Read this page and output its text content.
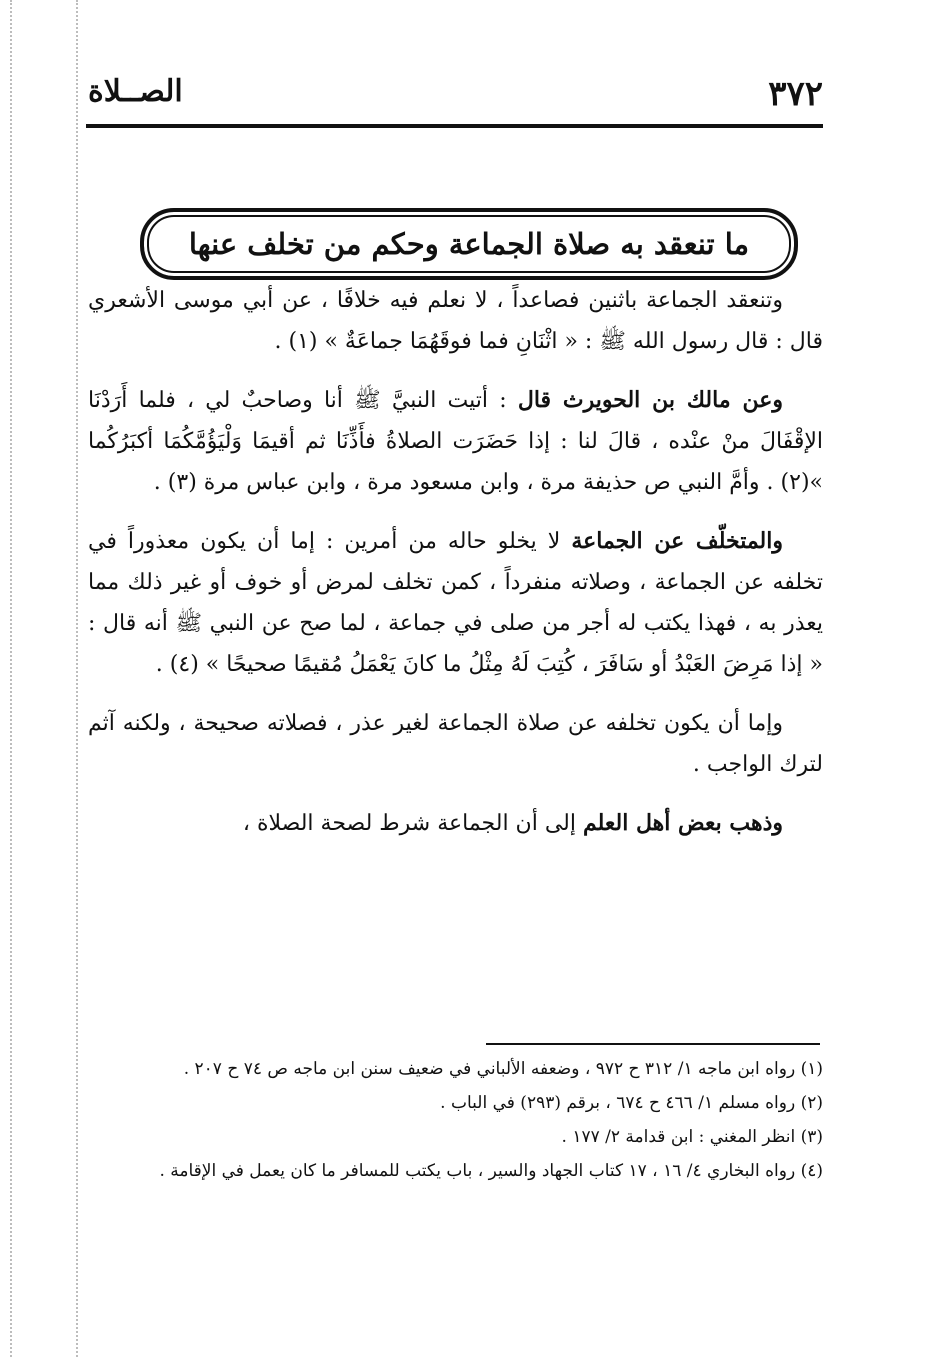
٣٧٢
الصــلاة
ما تنعقد به صلاة الجماعة وحكم من تخلف عنها

وتنعقد الجماعة باثنين فصاعداً ، لا نعلم فيه خلافًا ، عن أبي موسى الأشعري قال : قال رسول الله ﷺ : « اثْنَانِ فما فوقَهُمَا جماعَةٌ » (١) .

وعن مالك بن الحويرث قال : أتيت النبيَّ ﷺ أنا وصاحبٌ لي ، فلما أَرَدْنَا الإقْفَالَ منْ عنْده ، قالَ لنا : إذا حَضَرَت الصلاةُ فأَذِّنَا ثم أقيمَا وَلْيَؤُمَّكُمَا أكبَرُكُما »(٢) . وأمَّ النبي ص حذيفة مرة ، وابن مسعود مرة ، وابن عباس مرة (٣) .

والمتخلّف عن الجماعة لا يخلو حاله من أمرين : إما أن يكون معذوراً في تخلفه عن الجماعة ، وصلاته منفرداً ، كمن تخلف لمرض أو خوف أو غير ذلك مما يعذر به ، فهذا يكتب له أجر من صلى في جماعة ، لما صح عن النبي ﷺ أنه قال : « إذا مَرِضَ العَبْدُ أو سَافَرَ ، كُتِبَ لَهُ مِثْلُ ما كانَ يَعْمَلُ مُقيمًا صحيحًا » (٤) .

وإما أن يكون تخلفه عن صلاة الجماعة لغير عذر ، فصلاته صحيحة ، ولكنه آثم لترك الواجب .

وذهب بعض أهل العلم إلى أن الجماعة شرط لصحة الصلاة ،

(١) رواه ابن ماجه ١/ ٣١٢ ح ٩٧٢ ، وضعفه الألباني في ضعيف سنن ابن ماجه ص ٧٤ ح ٢٠٧ .
(٢) رواه مسلم ١/ ٤٦٦ ح ٦٧٤ ، برقم (٢٩٣) في الباب .
(٣) انظر المغني : ابن قدامة ٢/ ١٧٧ .
(٤) رواه البخاري ٤/ ١٦ ، ١٧ كتاب الجهاد والسير ، باب يكتب للمسافر ما كان يعمل في الإقامة .
